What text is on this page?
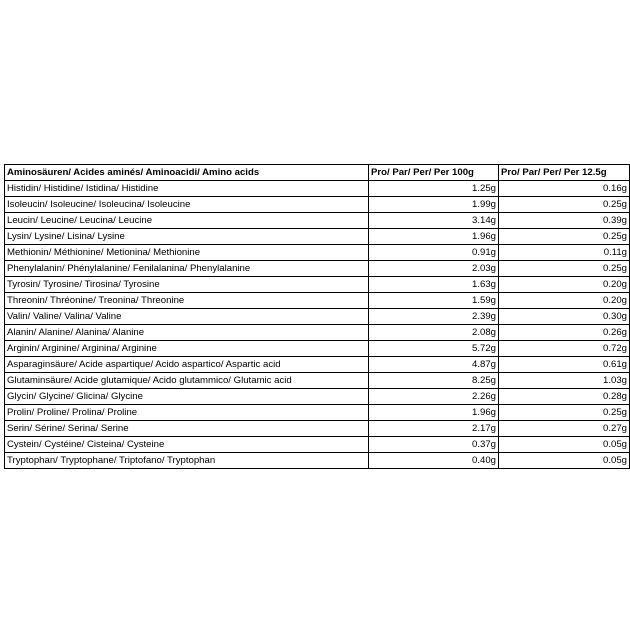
Aminosäuren/ Acides aminés/ Aminoacidi/ Amino acids	Pro/ Par/ Per/ Per 100g	Pro/ Par/ Per/ Per 12.5g
Histidin/ Histidine/ Istidina/ Histidine	1.25g	0.16g
Isoleucin/ Isoleucine/ Isoleucina/ Isoleucine	1.99g	0.25g
Leucin/ Leucine/ Leucina/ Leucine	3.14g	0.39g
Lysin/ Lysine/ Lisina/ Lysine	1.96g	0.25g
Methionin/ Méthionine/ Metionina/ Methionine	0.91g	0.11g
Phenylalanin/ Phénylalanine/ Fenilalanina/ Phenylalanine	2.03g	0.25g
Tyrosin/ Tyrosine/ Tirosina/ Tyrosine	1.63g	0.20g
Threonin/ Thréonine/ Treonina/ Threonine	1.59g	0.20g
Valin/ Valine/ Valina/ Valine	2.39g	0.30g
Alanin/ Alanine/ Alanina/ Alanine	2.08g	0.26g
Arginin/ Arginine/ Arginina/ Arginine	5.72g	0.72g
Asparaginsäure/ Acide aspartique/ Acido aspartico/ Aspartic acid	4.87g	0.61g
Glutaminsäure/ Acide glutamique/ Acido glutammico/ Glutamic acid	8.25g	1.03g
Glycin/ Glycine/ Glicina/ Glycine	2.26g	0.28g
Prolin/ Proline/ Prolina/ Proline	1.96g	0.25g
Serin/ Sérine/ Serina/ Serine	2.17g	0.27g
Cystein/ Cystéine/ Cisteina/ Cysteine	0.37g	0.05g
Tryptophan/ Tryptophane/ Triptofano/ Tryptophan	0.40g	0.05g
